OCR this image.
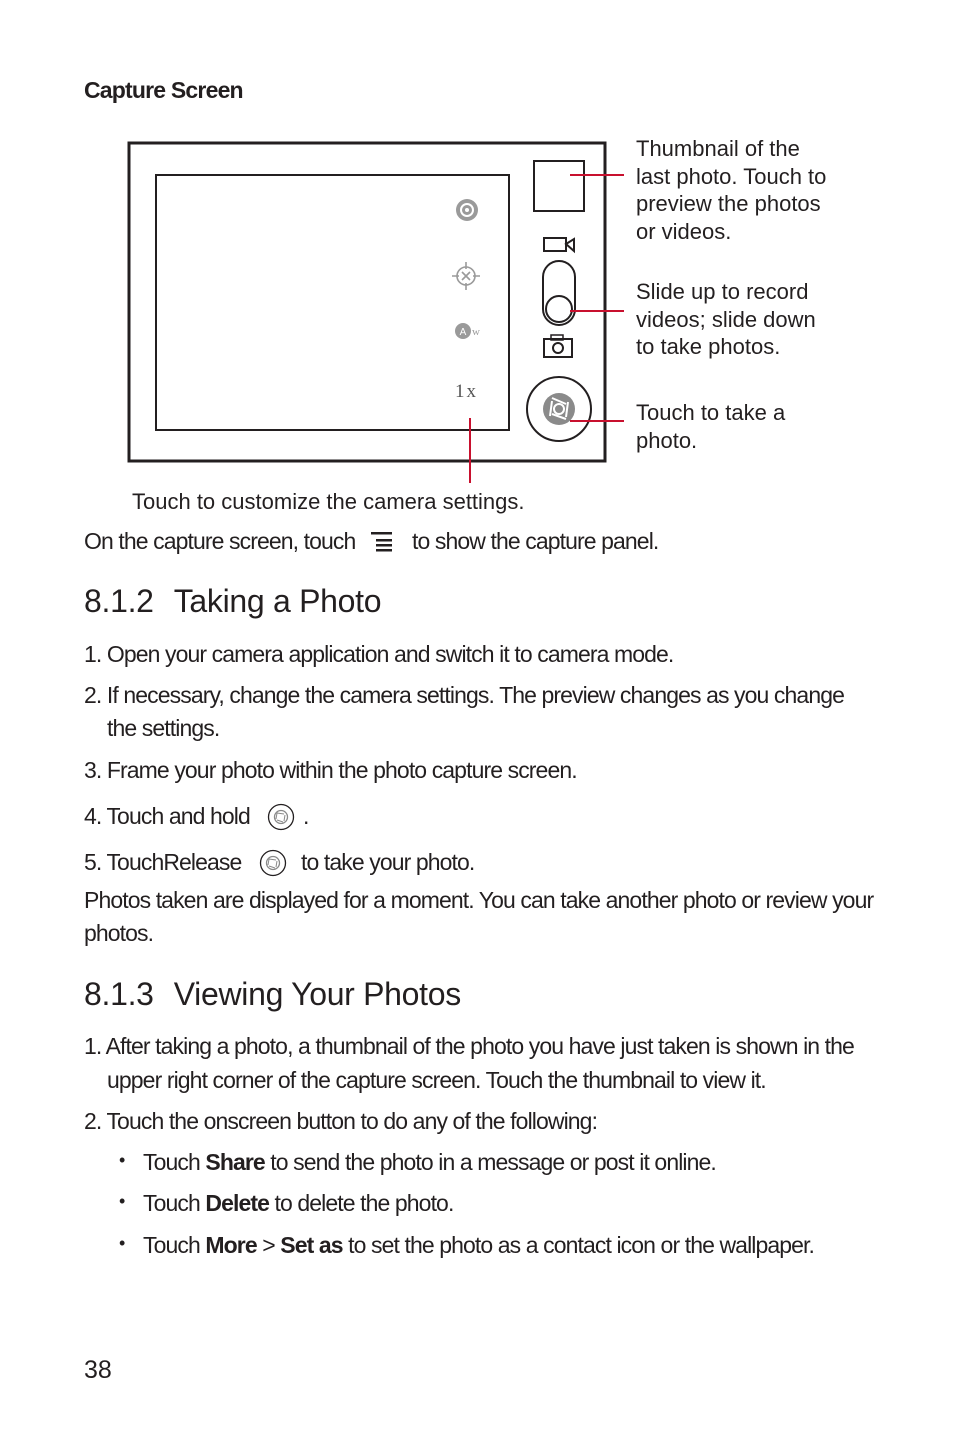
Capture Screen
A w
1x
Thumbnail of the last photo. Touch to preview the photos or videos.
Slide up to record videos; slide down to take photos.
Touch to take a photo.
Touch to customize the camera settings.
On the capture screen, touch to show the capture panel.
8.1.2 Taking a Photo
1. Open your camera application and switch it to camera mode.
2. If necessary, change the camera settings. The preview changes as you change
the settings.
3. Frame your photo within the photo capture screen.
4. Touch and hold .
5. TouchRelease	to take your photo.
Photos taken are displayed for a moment. You can take another photo or review your
photos.
8.1.3 Viewing Your Photos
1. After taking a photo, a thumbnail of the photo you have just taken is shown in the
upper right corner of the capture screen. Touch the thumbnail to view it.
2. Touch the onscreen button to do any of the following:
• Touch Share to send the photo in a message or post it online.
• Touch Delete to delete the photo.
• Touch More > Set as to set the photo as a contact icon or the wallpaper.
38
